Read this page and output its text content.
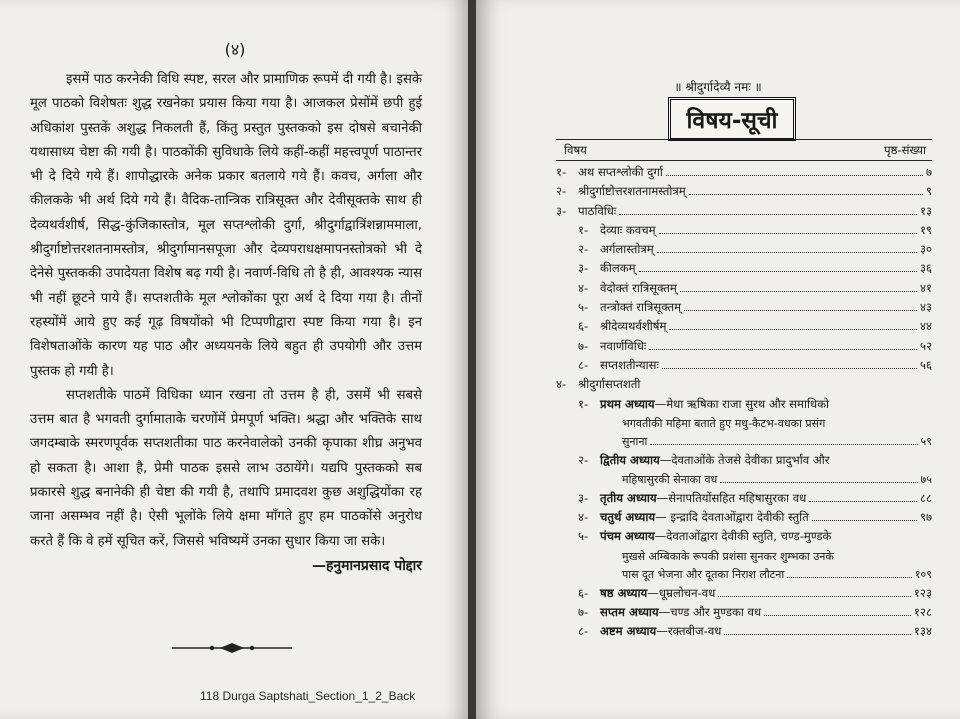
(४)

इसमें पाठ करनेकी विधि स्पष्ट, सरल और प्रामाणिक रूपमें दी गयी है। इसके मूल पाठको विशेषतः शुद्ध रखनेका प्रयास किया गया है। आजकल प्रेसोंमें छपी हुई अधिकांश पुस्तकें अशुद्ध निकलती हैं, किंतु प्रस्तुत पुस्तकको इस दोषसे बचानेकी यथासाध्य चेष्टा की गयी है। पाठकोंकी सुविधाके लिये कहीं-कहीं महत्त्वपूर्ण पाठान्तर भी दे दिये गये हैं। शापोद्धारके अनेक प्रकार बतलाये गये हैं। कवच, अर्गला और कीलकके भी अर्थ दिये गये हैं। वैदिक-तान्त्रिक रात्रिसूक्त और देवीसूक्तके साथ ही देव्यथर्वशीर्ष, सिद्ध-कुंजिकास्तोत्र, मूल सप्तश्लोकी दुर्गा, श्रीदुर्गाद्वात्रिंशन्नाममाला, श्रीदुर्गाष्टोत्तरशतनामस्तोत्र, श्रीदुर्गामानसपूजा और देव्यपराधक्षमापनस्तोत्रको भी दे देनेसे पुस्तककी उपादेयता विशेष बढ़ गयी है। नवार्ण-विधि तो है ही, आवश्यक न्यास भी नहीं छूटने पाये हैं। सप्तशतीके मूल श्लोकोंका पूरा अर्थ दे दिया गया है। तीनों रहस्योंमें आये हुए कई गूढ़ विषयोंको भी टिप्पणीद्वारा स्पष्ट किया गया है। इन विशेषताओंके कारण यह पाठ और अध्ययनके लिये बहुत ही उपयोगी और उत्तम पुस्तक हो गयी है।

सप्तशतीके पाठमें विधिका ध्यान रखना तो उत्तम है ही, उसमें भी सबसे उत्तम बात है भगवती दुर्गामाताके चरणोंमें प्रेमपूर्ण भक्ति। श्रद्धा और भक्तिके साथ जगदम्बाके स्मरणपूर्वक सप्तशतीका पाठ करनेवालेको उनकी कृपाका शीघ्र अनुभव हो सकता है। आशा है, प्रेमी पाठक इससे लाभ उठायेंगे। यद्यपि पुस्तकको सब प्रकारसे शुद्ध बनानेकी ही चेष्टा की गयी है, तथापि प्रमादवश कुछ अशुद्धियोंका रह जाना असम्भव नहीं है। ऐसी भूलोंके लिये क्षमा माँगते हुए हम पाठकोंसे अनुरोध करते हैं कि वे हमें सूचित करें, जिससे भविष्यमें उनका सुधार किया जा सके।

—हनुमानप्रसाद पोद्दार
118 Durga Saptshati_Section_1_2_Back
॥ श्रीदुर्गादेव्यै नमः ॥
विषय-सूची
विषय	पृष्ठ-संख्या
१-	अथ सप्तश्लोकी दुर्गा	७
२-	श्रीदुर्गाष्टोत्तरशतनामस्तोत्रम्	९
३-	पाठविधिः	१३
१-	देव्याः कवचम्	१९
२-	अर्गलास्तोत्रम्	३०
३-	कीलकम्	३६
४-	वेदोक्तं रात्रिसूक्तम्	४१
५-	तन्त्रोक्तं रात्रिसूक्तम्	४३
६-	श्रीदेव्यथर्वशीर्षम्	४४
७-	नवार्णविधिः	५२
८-	सप्तशतीन्यासः	५६
४-	श्रीदुर्गासप्तशती
१-	प्रथम अध्याय —मेधा ऋषिका राजा सुरथ और समाधिको
भगवतीकी महिमा बताते हुए मधु-कैटभ-वधका प्रसंग
सुनाना	५९
२-	द्वितीय अध्याय —देवताओंके तेजसे देवीका प्रादुर्भाव और
महिषासुरकी सेनाका वध	७५
३-	तृतीय अध्याय —सेनापतियोंसहित महिषासुरका वध	८८
४-	चतुर्थ अध्याय — इन्द्रादि देवताओंद्वारा देवीकी स्तुति	९७
५-	पंचम अध्याय —देवताओंद्वारा देवीकी स्तुति, चण्ड-मुण्डके
मुखसे अम्बिकाके रूपकी प्रशंसा सुनकर शुम्भका उनके
पास दूत भेजना और दूतका निराश लौटना	१०९
६-	षष्ठ अध्याय —धूम्रलोचन-वध	१२३
७-	सप्तम अध्याय —चण्ड और मुण्डका वध	१२८
८-	अष्टम अध्याय —रक्तबीज-वध	१३४
